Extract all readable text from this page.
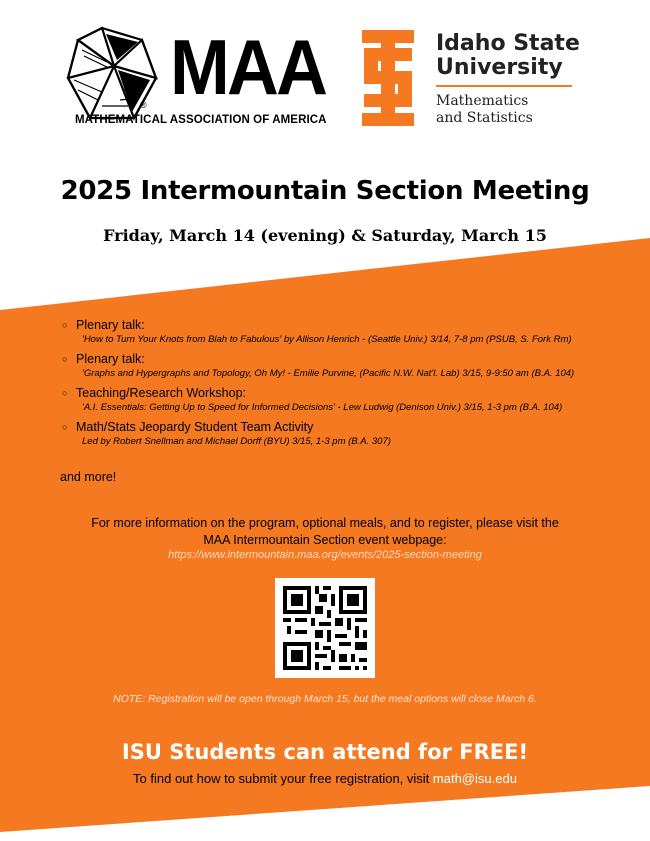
MAA
®
MATHEMATICAL ASSOCIATION OF AMERICA
Idaho State
University
Mathematics
and Statistics
2025 Intermountain Section Meeting
Friday, March 14 (evening) & Saturday, March 15
○ Plenary talk:
'How to Turn Your Knots from Blah to Fabulous' by Allison Henrich - (Seattle Univ.) 3/14, 7-8 pm (PSUB, S. Fork Rm)
○ Plenary talk:
'Graphs and Hypergraphs and Topology, Oh My! - Emilie Purvine, (Pacific N.W. Nat'l. Lab) 3/15, 9-9:50 am (B.A. 104)
○ Teaching/Research Workshop:
'A.I. Essentials: Getting Up to Speed for Informed Decisions' - Lew Ludwig (Denison Univ.) 3/15, 1-3 pm (B.A. 104)
○ Math/Stats Jeopardy Student Team Activity
Led by Robert Snellman and Michael Dorff (BYU) 3/15, 1-3 pm (B.A. 307)
and more!
For more information on the program, optional meals, and to register, please visit the
MAA Intermountain Section event webpage:
https://www.intermountain.maa.org/events/2025-section-meeting
NOTE: Registration will be open through March 15, but the meal options will close March 6.
ISU Students can attend for FREE!
To find out how to submit your free registration, visit math@isu.edu
